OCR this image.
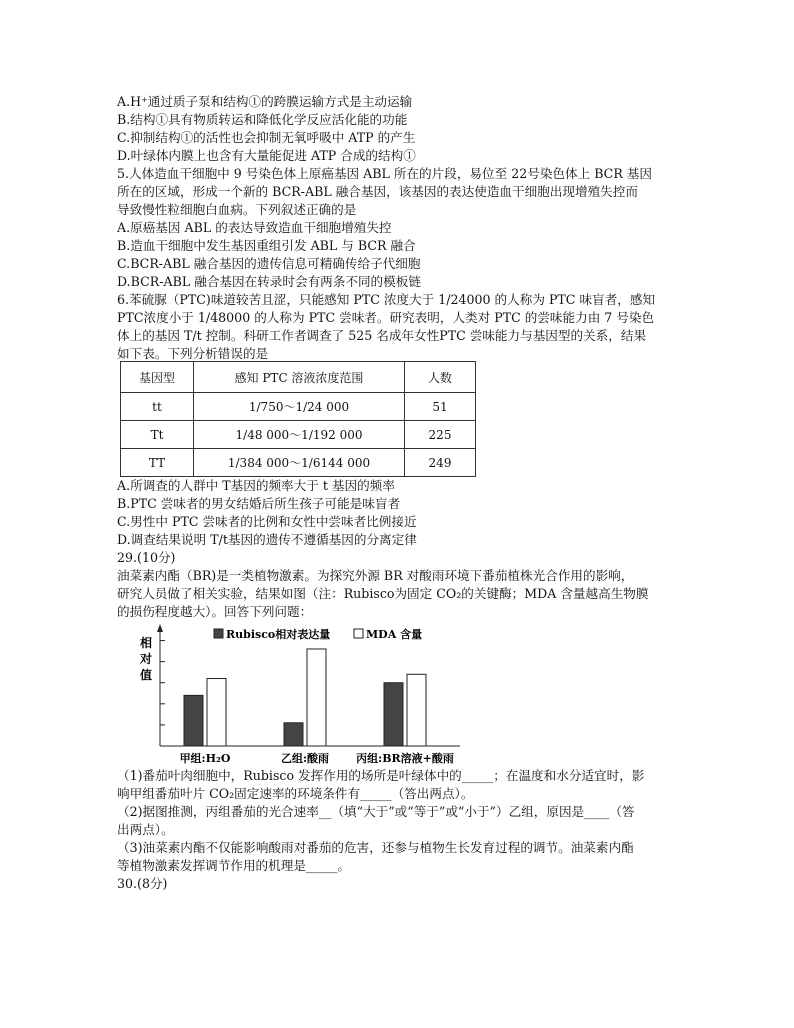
A.H⁺通过质子泵和结构①的跨膜运输方式是主动运输
B.结构①具有物质转运和降低化学反应活化能的功能
C.抑制结构①的活性也会抑制无氧呼吸中 ATP 的产生
D.叶绿体内膜上也含有大量能促进 ATP 合成的结构①
5.人体造血干细胞中 9 号染色体上原癌基因 ABL 所在的片段，易位至 22号染色体上 BCR 基因
所在的区域，形成一个新的 BCR-ABL 融合基因，该基因的表达使造血干细胞出现增殖失控而
导致慢性粒细胞白血病。下列叙述正确的是
A.原癌基因 ABL 的表达导致造血干细胞增殖失控
B.造血干细胞中发生基因重组引发 ABL 与 BCR 融合
C.BCR-ABL 融合基因的遗传信息可精确传给子代细胞
D.BCR-ABL 融合基因在转录时会有两条不同的模板链
6.苯硫脲（PTC)味道较苦且涩，只能感知 PTC 浓度大于 1/24000 的人称为 PTC 味盲者，感知
PTC浓度小于 1/48000 的人称为 PTC 尝味者。研究表明，人类对 PTC 的尝味能力由 7 号染色
体上的基因 T/t 控制。科研工作者调查了 525 名成年女性PTC 尝味能力与基因型的关系，结果
如下表。下列分析错误的是
基因型	感知 PTC 溶液浓度范围	人数
tt	1/750～1/24 000	51
Tt	1/48 000～1/192 000	225
TT	1/384 000～1/6144 000	249
A.所调查的人群中 T基因的频率大于 t 基因的频率
B.PTC 尝味者的男女结婚后所生孩子可能是味盲者
C.男性中 PTC 尝味者的比例和女性中尝味者比例接近
D.调查结果说明 T/t基因的遗传不遵循基因的分离定律
29.(10分)
油菜素内酯（BR)是一类植物激素。为探究外源 BR 对酸雨环境下番茄植株光合作用的影响，
研究人员做了相关实验，结果如图（注：Rubisco为固定 CO₂的关键酶；MDA 含量越高生物膜
的损伤程度越大）。回答下列问题：
相
对
值
Rubisco相对表达量	MDA 含量
甲组:H₂O	乙组:酸雨 丙组:BR溶液+酸雨
（1)番茄叶肉细胞中，Rubisco 发挥作用的场所是叶绿体中的_____；在温度和水分适宜时，影
响甲组番茄叶片 CO₂固定速率的环境条件有_____（答出两点）。
（2)据图推测，丙组番茄的光合速率__（填“大于”或“等于”或“小于”）乙组，原因是____（答
出两点）。
（3)油菜素内酯不仅能影响酸雨对番茄的危害，还参与植物生长发育过程的调节。油菜素内酯
等植物激素发挥调节作用的机理是_____。
30.(8分)
